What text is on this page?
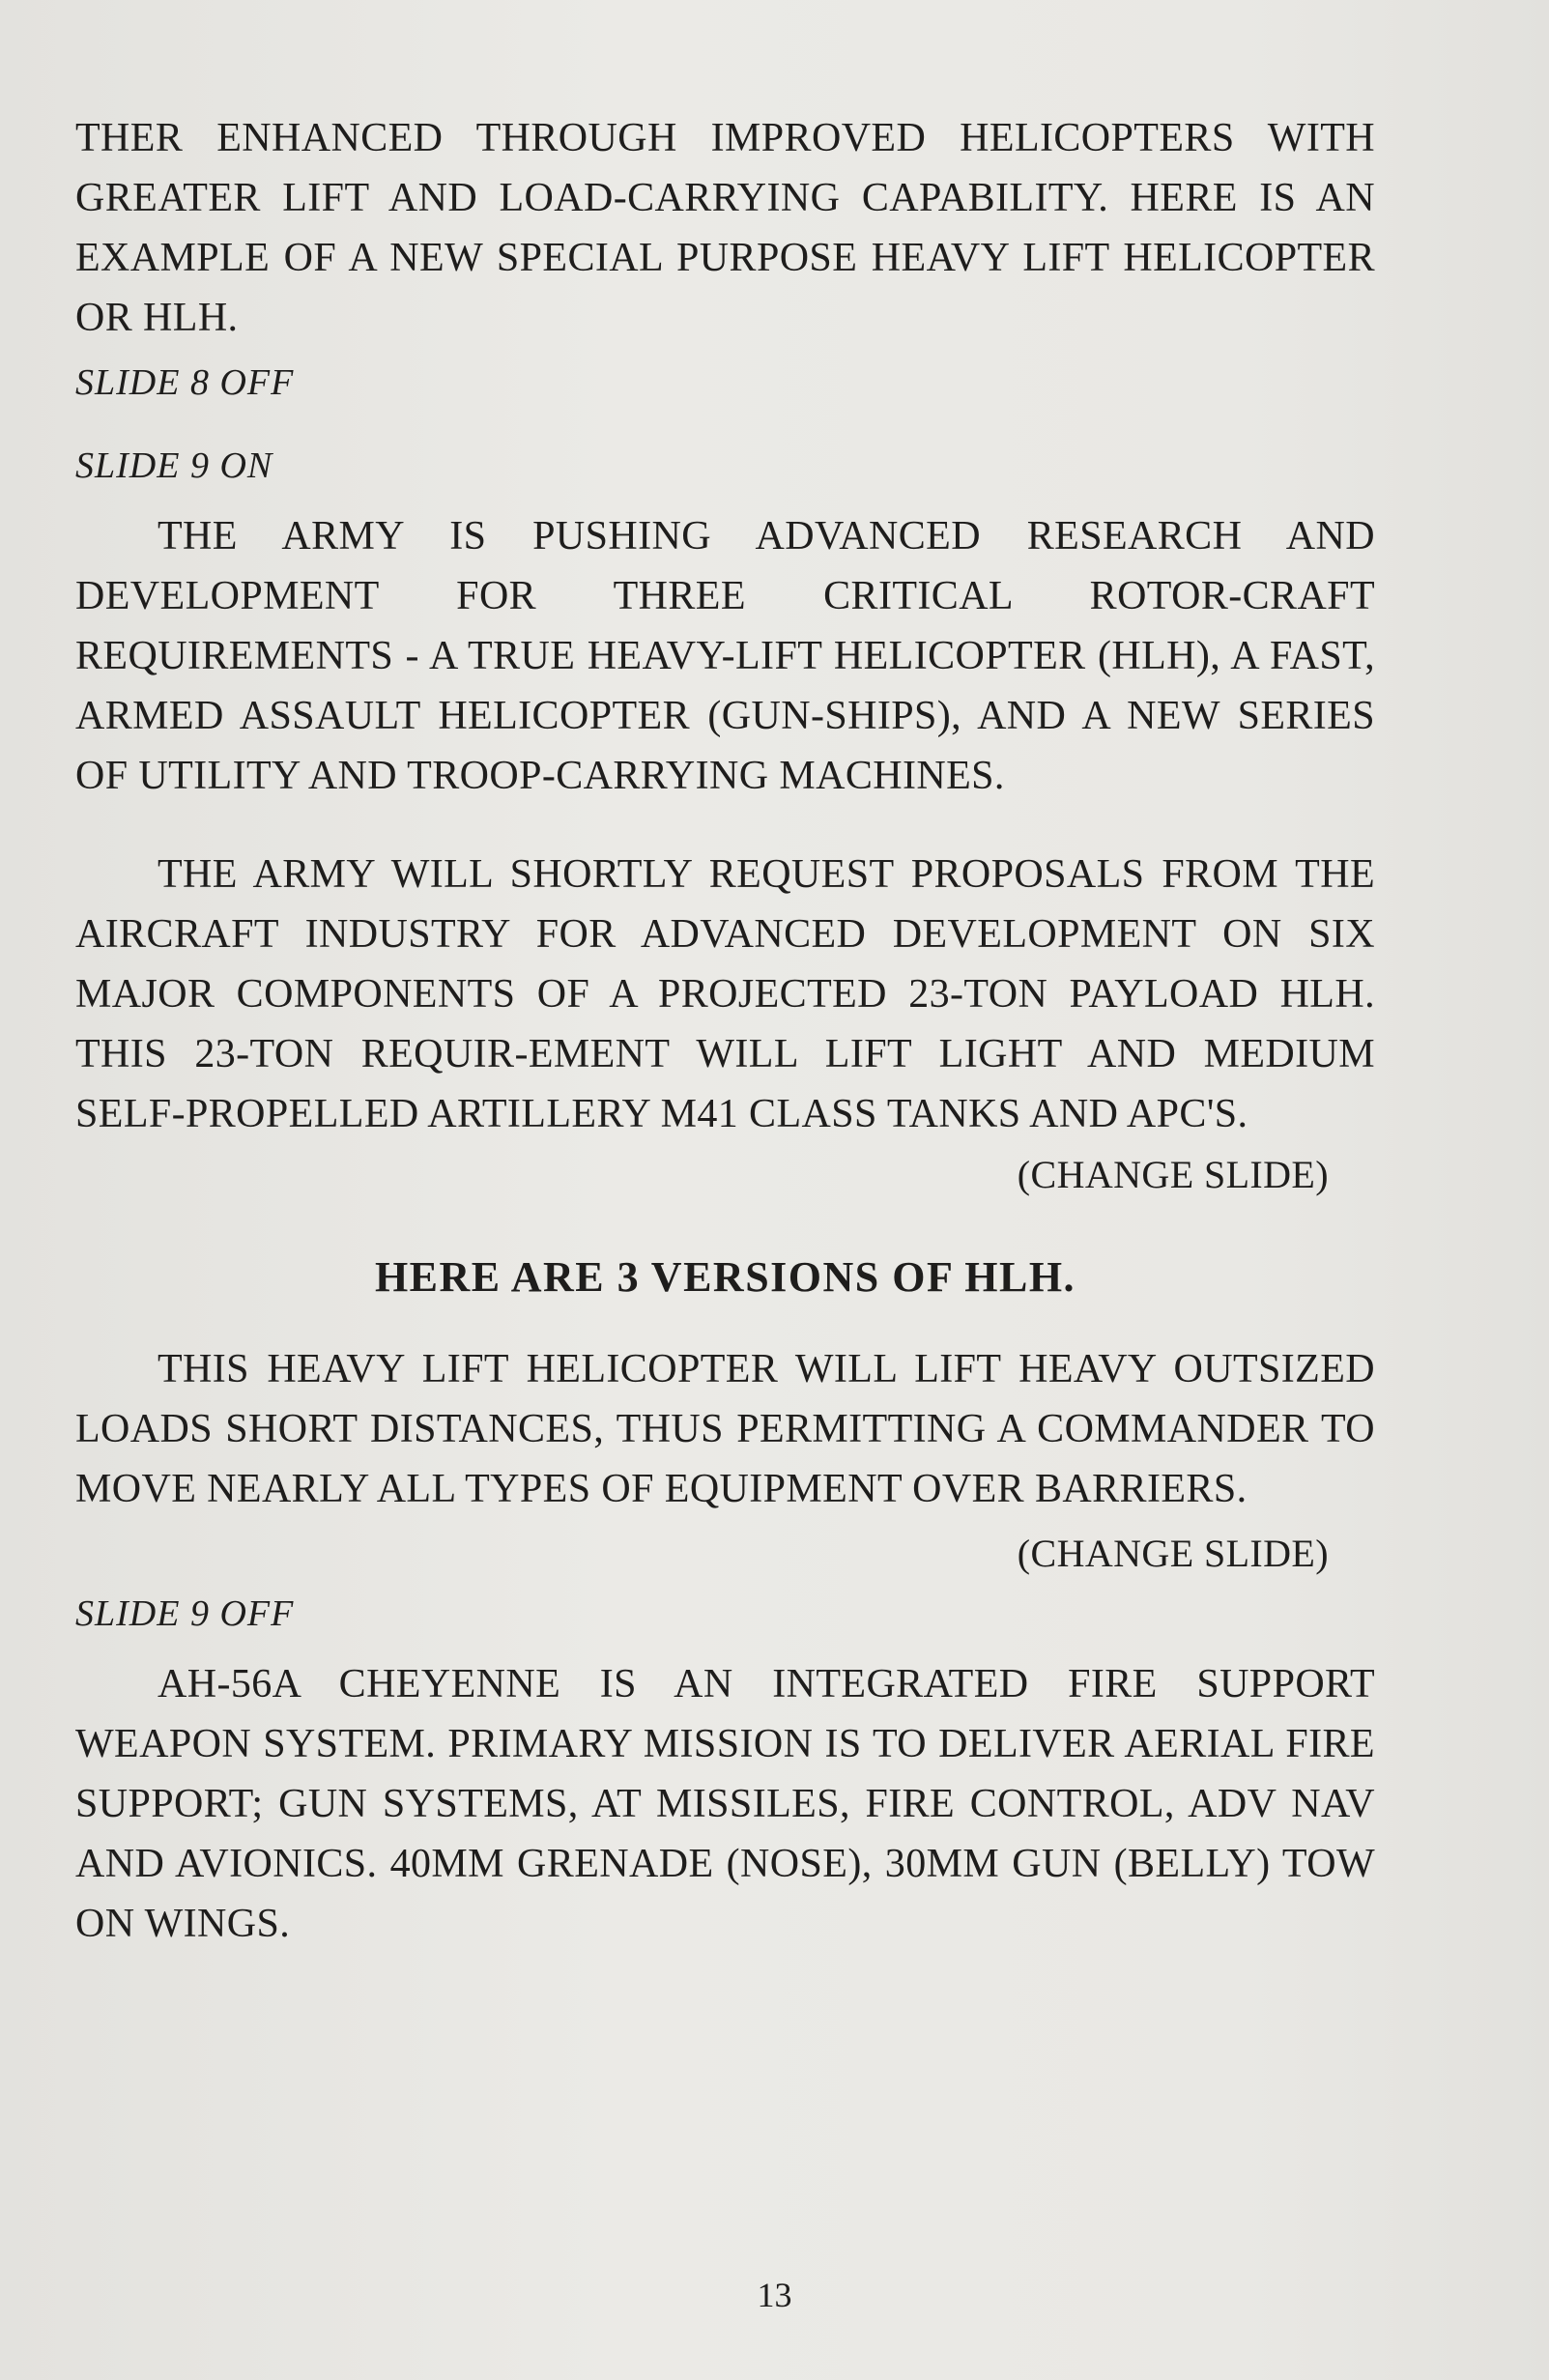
THER ENHANCED THROUGH IMPROVED HELICOPTERS WITH GREATER LIFT AND LOAD-CARRYING CAPABILITY. HERE IS AN EXAMPLE OF A NEW SPECIAL PURPOSE HEAVY LIFT HELICOPTER OR HLH.

SLIDE 8 OFF

SLIDE 9 ON

THE ARMY IS PUSHING ADVANCED RESEARCH AND DEVELOPMENT FOR THREE CRITICAL ROTOR-CRAFT REQUIREMENTS - A TRUE HEAVY-LIFT HELICOPTER (HLH), A FAST, ARMED ASSAULT HELICOPTER (GUN-SHIPS), AND A NEW SERIES OF UTILITY AND TROOP-CARRYING MACHINES.

THE ARMY WILL SHORTLY REQUEST PROPOSALS FROM THE AIRCRAFT INDUSTRY FOR ADVANCED DEVELOPMENT ON SIX MAJOR COMPONENTS OF A PROJECTED 23-TON PAYLOAD HLH. THIS 23-TON REQUIR-EMENT WILL LIFT LIGHT AND MEDIUM SELF-PROPELLED ARTILLERY M41 CLASS TANKS AND APC'S.

(CHANGE SLIDE)

HERE ARE 3 VERSIONS OF HLH.

THIS HEAVY LIFT HELICOPTER WILL LIFT HEAVY OUTSIZED LOADS SHORT DISTANCES, THUS PERMITTING A COMMANDER TO MOVE NEARLY ALL TYPES OF EQUIPMENT OVER BARRIERS.

(CHANGE SLIDE)

SLIDE 9 OFF

AH-56A CHEYENNE IS AN INTEGRATED FIRE SUPPORT WEAPON SYSTEM. PRIMARY MISSION IS TO DELIVER AERIAL FIRE SUPPORT; GUN SYSTEMS, AT MISSILES, FIRE CONTROL, ADV NAV AND AVIONICS. 40MM GRENADE (NOSE), 30MM GUN (BELLY) TOW ON WINGS.

13
